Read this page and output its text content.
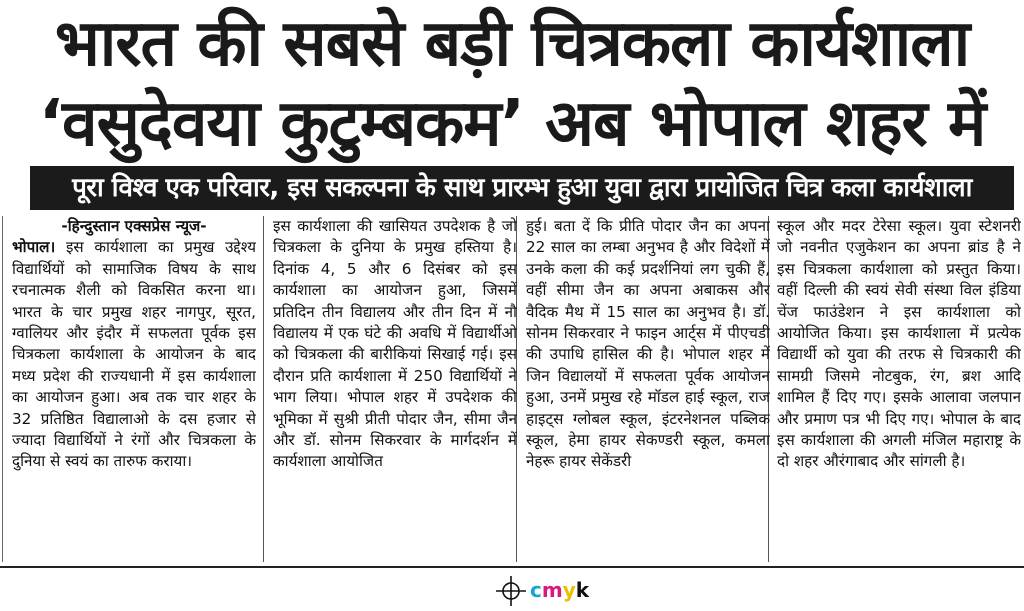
भारत की सबसे बड़ी चित्रकला कार्यशाला
‘वसुदेवया कुटुम्बकम’ अब भोपाल शहर में
पूरा विश्व एक परिवार, इस सकल्पना के साथ प्रारम्भ हुआ युवा द्वारा प्रायोजित चित्र कला कार्यशाला

-हिन्दुस्तान एक्सप्रेस न्यूज-

भोपाल। इस कार्यशाला का प्रमुख उद्देश्य विद्यार्थियों को सामाजिक विषय के साथ रचनात्मक शैली को विकसित करना था। भारत के चार प्रमुख शहर नागपुर, सूरत, ग्वालियर और इंदौर में सफलता पूर्वक इस चित्रकला कार्यशाला के आयोजन के बाद मध्य प्रदेश की राज्यधानी में इस कार्यशाला का आयोजन हुआ। अब तक चार शहर के 32 प्रतिष्ठित विद्यालाओ के दस हजार से ज्यादा विद्यार्थियों ने रंगों और चित्रकला के दुनिया से स्वयं का तारुफ कराया।

इस कार्यशाला की खासियत उपदेशक है जो चित्रकला के दुनिया के प्रमुख हस्तिया है। दिनांक 4, 5 और 6 दिसंबर को इस कार्यशाला का आयोजन हुआ, जिसमें प्रतिदिन तीन विद्यालय और तीन दिन में नौ विद्यालय में एक घंटे की अवधि में विद्यार्थीओ को चित्रकला की बारीकियां सिखाई गई। इस दौरान प्रति कार्यशाला में 250 विद्यार्थियों ने भाग लिया। भोपाल शहर में उपदेशक की भूमिका में सुश्री प्रीती पोदार जैन, सीमा जैन और डॉ. सोनम सिकरवार के मार्गदर्शन में कार्यशाला आयोजित

हुई। बता दें कि प्रीति पोदार जैन का अपना 22 साल का लम्बा अनुभव है और विदेशों में उनके कला की कई प्रदर्शनियां लग चुकी हैं, वहीं सीमा जैन का अपना अबाकस और वैदिक मैथ में 15 साल का अनुभव है। डॉ. सोनम सिकरवार ने फाइन आर्ट्स में पीएचडी की उपाधि हासिल की है। भोपाल शहर में जिन विद्यालयों में सफलता पूर्वक आयोजन हुआ, उनमें प्रमुख रहे मॉडल हाई स्कूल, राज हाइट्स ग्लोबल स्कूल, इंटरनेशनल पब्लिक स्कूल, हेमा हायर सेकण्डरी स्कूल, कमला नेहरू हायर सेकेंडरी

स्कूल और मदर टेरेसा स्कूल। युवा स्टेशनरी जो नवनीत एजुकेशन का अपना ब्रांड है ने इस चित्रकला कार्यशाला को प्रस्तुत किया। वहीं दिल्ली की स्वयं सेवी संस्था विल इंडिया चेंज फाउंडेशन ने इस कार्यशाला को आयोजित किया। इस कार्यशाला में प्रत्येक विद्यार्थी को युवा की तरफ से चित्रकारी की सामग्री जिसमे नोटबुक, रंग, ब्रश आदि शामिल हैं दिए गए। इसके आलावा जलपान और प्रमाण पत्र भी दिए गए। भोपाल के बाद इस कार्यशाला की अगली मंजिल महाराष्ट्र के दो शहर औरंगाबाद और सांगली है।

cmyk
